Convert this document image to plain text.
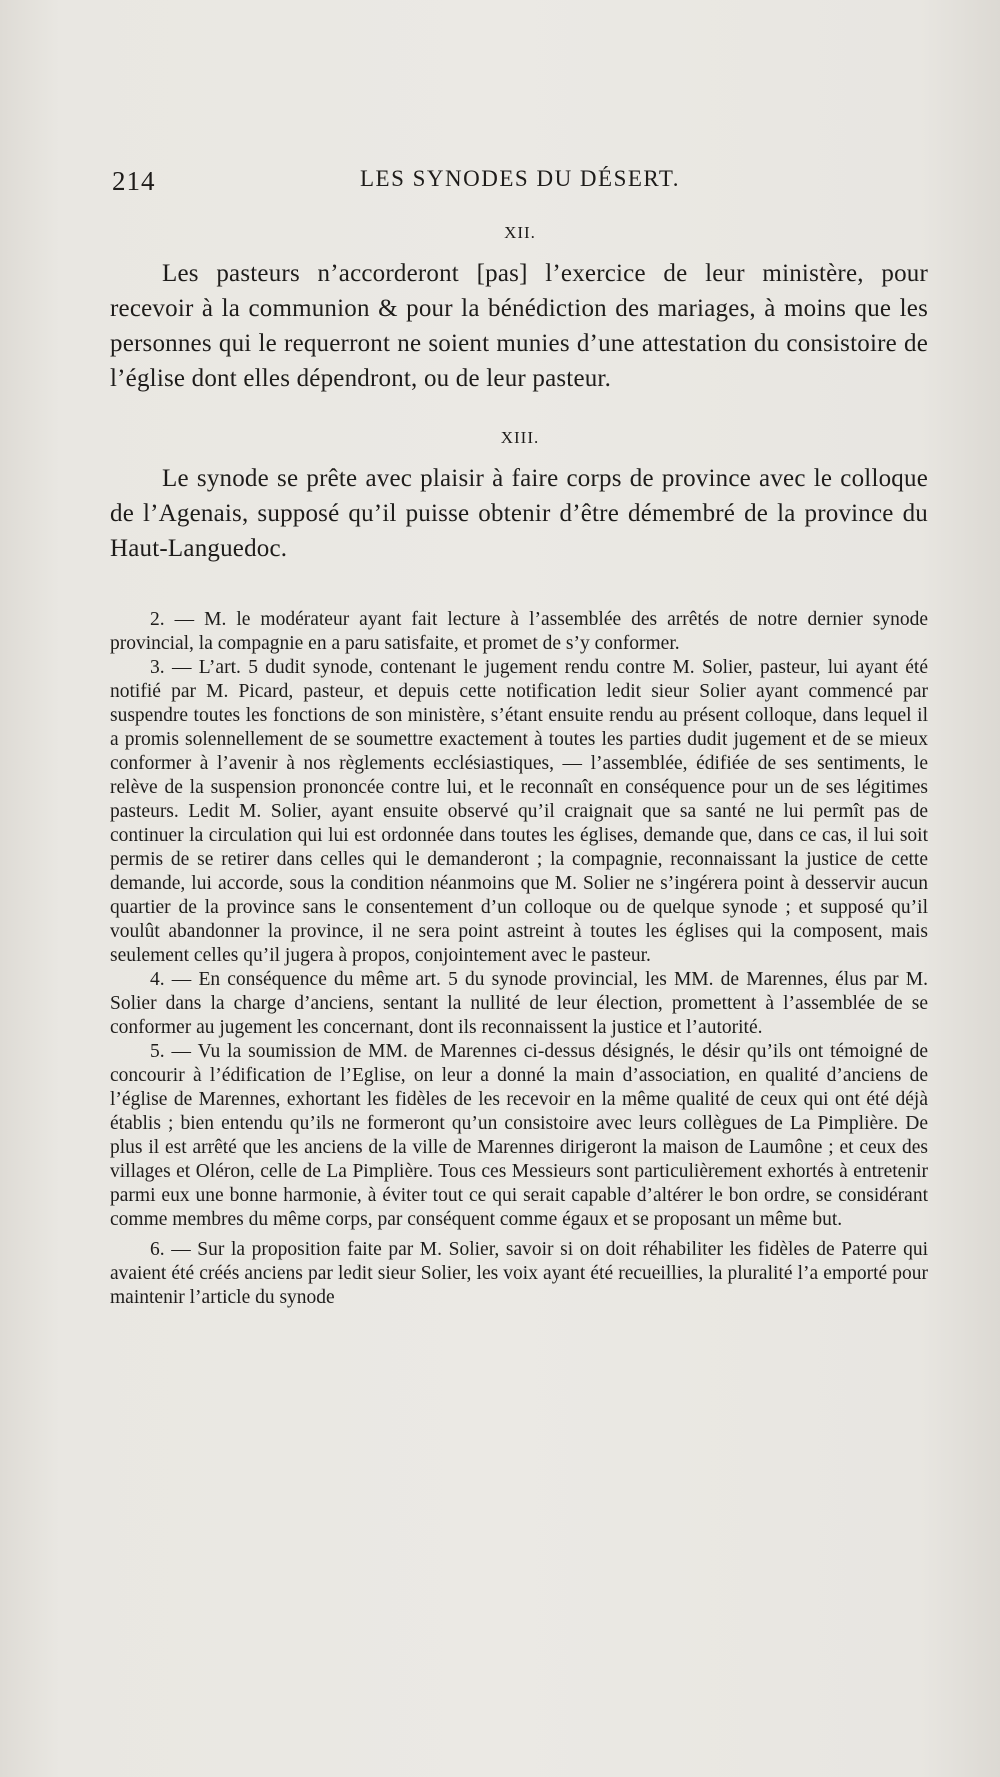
214	LES SYNODES DU DÉSERT.
XII.

Les pasteurs n’accorderont [pas] l’exercice de leur ministère, pour recevoir à la communion & pour la bénédiction des mariages, à moins que les personnes qui le requerront ne soient munies d’une attestation du consistoire de l’église dont elles dépendront, ou de leur pasteur.

XIII.

Le synode se prête avec plaisir à faire corps de province avec le colloque de l’Agenais, supposé qu’il puisse obtenir d’être démembré de la province du Haut-Languedoc.

2. — M. le modérateur ayant fait lecture à l’assemblée des arrêtés de notre dernier synode provincial, la compagnie en a paru satisfaite, et promet de s’y conformer.

3. — L’art. 5 dudit synode, contenant le jugement rendu contre M. Solier, pasteur, lui ayant été notifié par M. Picard, pasteur, et depuis cette notification ledit sieur Solier ayant commencé par suspendre toutes les fonctions de son ministère, s’étant ensuite rendu au présent colloque, dans lequel il a promis solennellement de se soumettre exactement à toutes les parties dudit jugement et de se mieux conformer à l’avenir à nos règlements ecclésiastiques, — l’assemblée, édifiée de ses sentiments, le relève de la suspension prononcée contre lui, et le reconnaît en conséquence pour un de ses légitimes pasteurs. Ledit M. Solier, ayant ensuite observé qu’il craignait que sa santé ne lui permît pas de continuer la circulation qui lui est ordonnée dans toutes les églises, demande que, dans ce cas, il lui soit permis de se retirer dans celles qui le demanderont ; la compagnie, reconnaissant la justice de cette demande, lui accorde, sous la condition néanmoins que M. Solier ne s’ingérera point à desservir aucun quartier de la province sans le consentement d’un colloque ou de quelque synode ; et supposé qu’il voulût abandonner la province, il ne sera point astreint à toutes les églises qui la composent, mais seulement celles qu’il jugera à propos, conjointement avec le pasteur.

4. — En conséquence du même art. 5 du synode provincial, les MM. de Marennes, élus par M. Solier dans la charge d’anciens, sentant la nullité de leur élection, promettent à l’assemblée de se conformer au jugement les concernant, dont ils reconnaissent la justice et l’autorité.

5. — Vu la soumission de MM. de Marennes ci-dessus désignés, le désir qu’ils ont témoigné de concourir à l’édification de l’Eglise, on leur a donné la main d’association, en qualité d’anciens de l’église de Marennes, exhortant les fidèles de les recevoir en la même qualité de ceux qui ont été déjà établis ; bien entendu qu’ils ne formeront qu’un consistoire avec leurs collègues de La Pimplière. De plus il est arrêté que les anciens de la ville de Marennes dirigeront la maison de Laumône ; et ceux des villages et Oléron, celle de La Pimplière. Tous ces Messieurs sont particulièrement exhortés à entretenir parmi eux une bonne harmonie, à éviter tout ce qui serait capable d’altérer le bon ordre, se considérant comme membres du même corps, par conséquent comme égaux et se proposant un même but.

6. — Sur la proposition faite par M. Solier, savoir si on doit réhabiliter les fidèles de Paterre qui avaient été créés anciens par ledit sieur Solier, les voix ayant été recueillies, la pluralité l’a emporté pour maintenir l’article du synode
